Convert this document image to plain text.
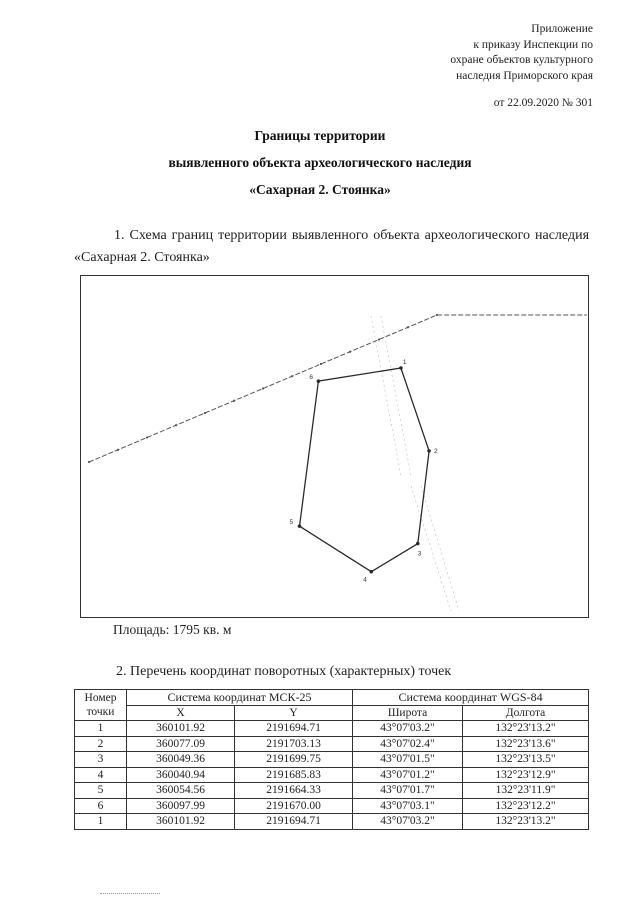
Приложение
к приказу Инспекции по
охране объектов культурного
наследия Приморского края
от 22.09.2020 № 301
Границы территории
выявленного объекта археологического наследия
«Сахарная 2. Стоянка»
1. Схема границ территории выявленного объекта археологического наследия «Сахарная 2. Стоянка»
1
2
3
4
5
6
Площадь: 1795 кв. м
2. Перечень координат поворотных (характерных) точек
Номер
точки	Система координат МСК-25		Система координат WGS-84	
	X	Y	Широта	Долгота
1	360101.92	2191694.71	43°07'03.2"	132°23'13.2"
2	360077.09	2191703.13	43°07'02.4"	132°23'13.6"
3	360049.36	2191699.75	43°07'01.5"	132°23'13.5"
4	360040.94	2191685.83	43°07'01.2"	132°23'12.9"
5	360054.56	2191664.33	43°07'01.7"	132°23'11.9"
6	360097.99	2191670.00	43°07'03.1"	132°23'12.2"
1	360101.92	2191694.71	43°07'03.2"	132°23'13.2"
